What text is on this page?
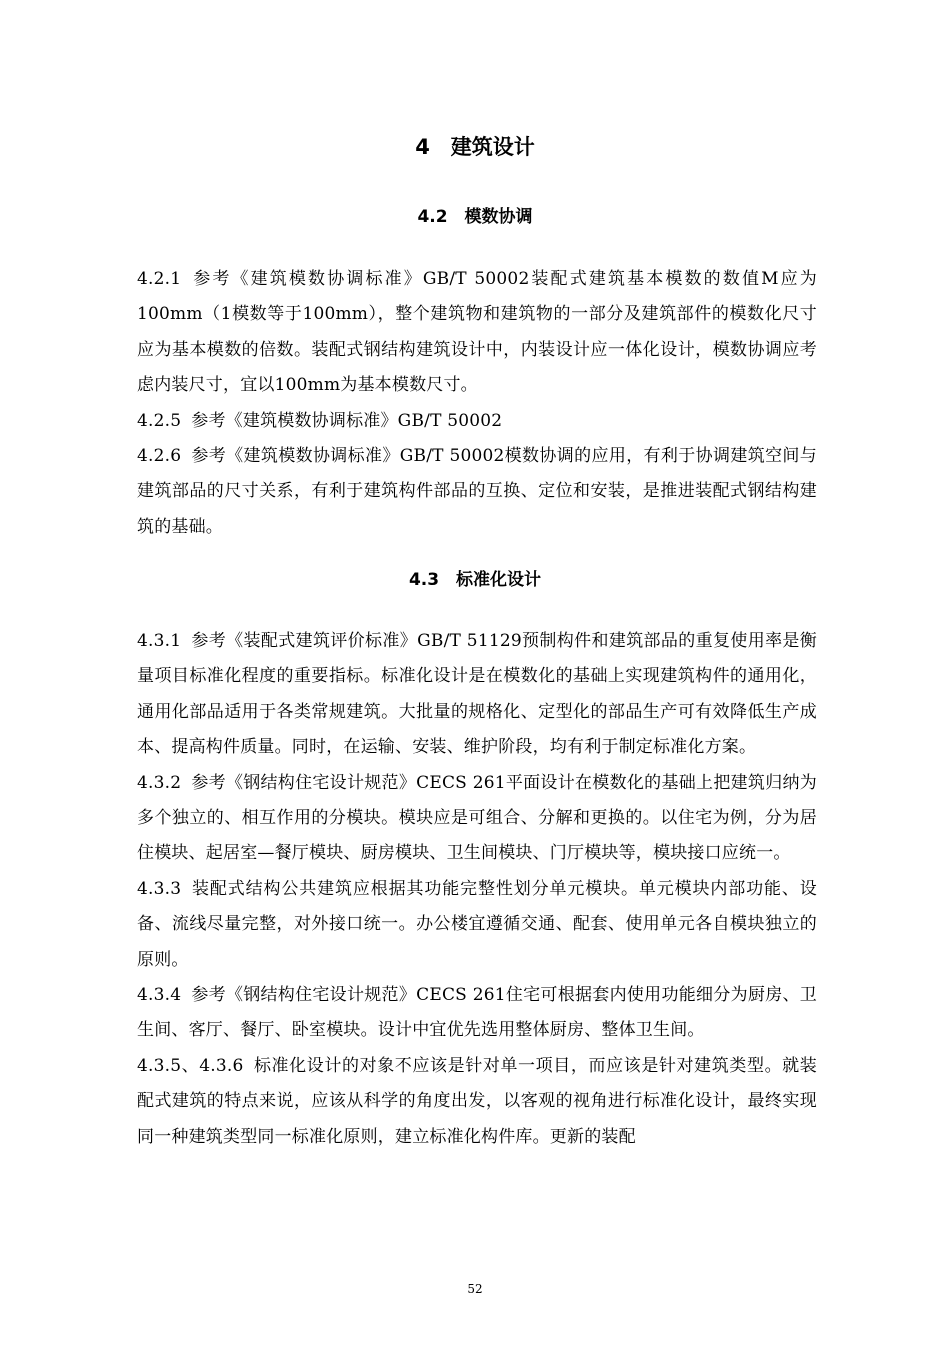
4　建筑设计
4.2　模数协调

4.2.1 参考《建筑模数协调标准》GB/T 50002装配式建筑基本模数的数值M应为100mm（1模数等于100mm），整个建筑物和建筑物的一部分及建筑部件的模数化尺寸应为基本模数的倍数。装配式钢结构建筑设计中，内装设计应一体化设计，模数协调应考虑内装尺寸，宜以100mm为基本模数尺寸。

4.2.5 参考《建筑模数协调标准》GB/T 50002

4.2.6 参考《建筑模数协调标准》GB/T 50002模数协调的应用，有利于协调建筑空间与建筑部品的尺寸关系，有利于建筑构件部品的互换、定位和安装，是推进装配式钢结构建筑的基础。

4.3　标准化设计

4.3.1 参考《装配式建筑评价标准》GB/T 51129预制构件和建筑部品的重复使用率是衡量项目标准化程度的重要指标。标准化设计是在模数化的基础上实现建筑构件的通用化，通用化部品适用于各类常规建筑。大批量的规格化、定型化的部品生产可有效降低生产成本、提高构件质量。同时，在运输、安装、维护阶段，均有利于制定标准化方案。

4.3.2 参考《钢结构住宅设计规范》CECS 261平面设计在模数化的基础上把建筑归纳为多个独立的、相互作用的分模块。模块应是可组合、分解和更换的。以住宅为例，分为居住模块、起居室—餐厅模块、厨房模块、卫生间模块、门厅模块等，模块接口应统一。

4.3.3 装配式结构公共建筑应根据其功能完整性划分单元模块。单元模块内部功能、设备、流线尽量完整，对外接口统一。办公楼宜遵循交通、配套、使用单元各自模块独立的原则。

4.3.4 参考《钢结构住宅设计规范》CECS 261住宅可根据套内使用功能细分为厨房、卫生间、客厅、餐厅、卧室模块。设计中宜优先选用整体厨房、整体卫生间。

4.3.5、4.3.6 标准化设计的对象不应该是针对单一项目，而应该是针对建筑类型。就装配式建筑的特点来说，应该从科学的角度出发，以客观的视角进行标准化设计，最终实现同一种建筑类型同一标准化原则，建立标准化构件库。更新的装配

52
